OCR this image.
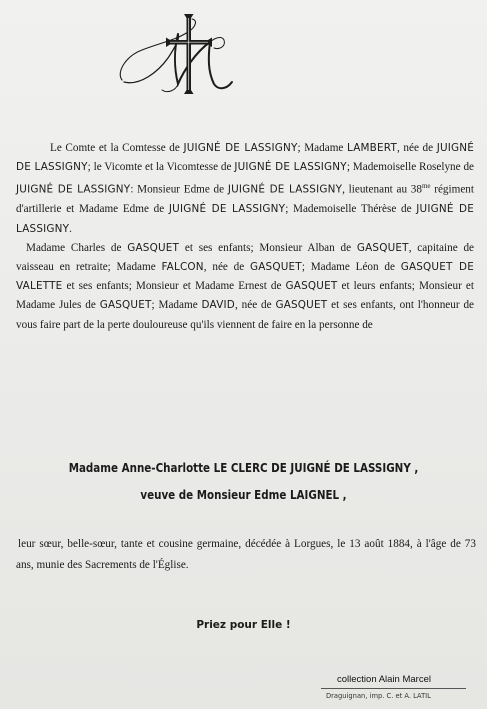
Le Comte et la Comtesse de JUIGNÉ DE LASSIGNY; Madame LAMBERT, née de JUIGNÉ DE LASSIGNY; le Vicomte et la Vicomtesse de JUIGNÉ DE LASSIGNY; Mademoiselle Roselyne de JUIGNÉ DE LASSIGNY: Monsieur Edme de JUIGNÉ DE LASSIGNY, lieutenant au $38^{me}$ régiment d'artillerie et Madame Edme de JUIGNÉ DE LASSIGNY; Mademoiselle Thérèse de JUIGNÉ DE LASSIGNY.

Madame Charles de GASQUET et ses enfants; Monsieur Alban de GASQUET, capitaine de vaisseau en retraite; Madame FALCON, née de GASQUET; Madame Léon de GASQUET DE VALETTE et ses enfants; Monsieur et Madame Ernest de GASQUET et leurs enfants; Monsieur et Madame Jules de GASQUET; Madame DAVID, née de GASQUET et ses enfants, ont l'honneur de vous faire part de la perte douloureuse qu'ils viennent de faire en la personne de

Madame Anne-Charlotte LE CLERC DE JUIGNÉ DE LASSIGNY ,
veuve de Monsieur Edme LAIGNEL ,

leur sœur, belle-sœur, tante et cousine germaine, décédée à Lorgues, le 13 août 1884, à l'âge de 73 ans, munie des Sacrements de l'Église.

Priez pour Elle !
collection Alain Marcel
Draguignan, imp. C. et A. LATIL
